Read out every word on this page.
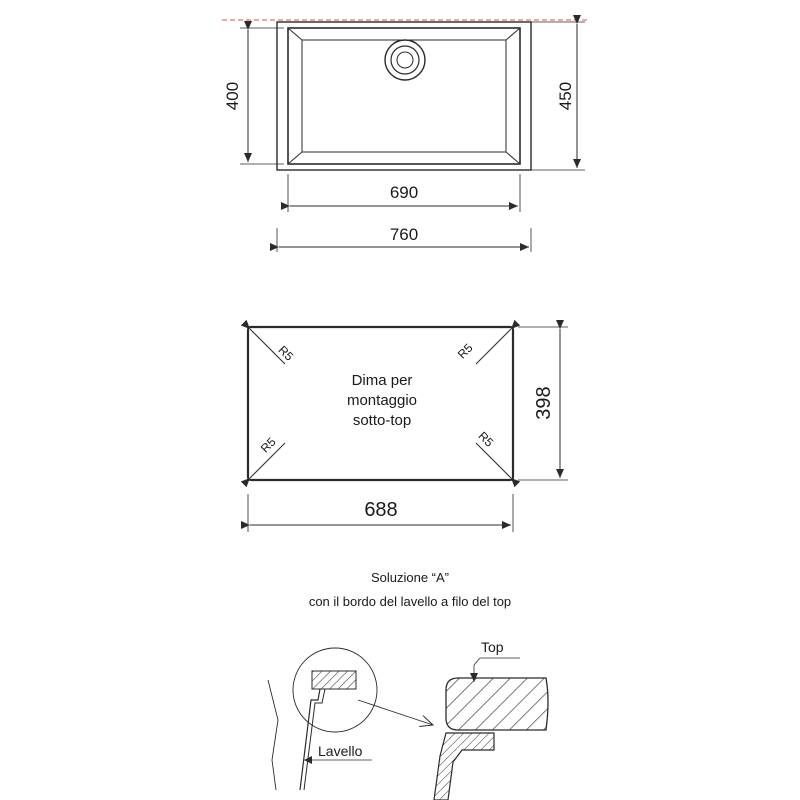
400	450
690
760
R5	R5
R5	R5
Dima per
montaggio
sotto-top
398
688
Soluzione “A”
con il bordo del lavello a filo del top
Lavello
Top
